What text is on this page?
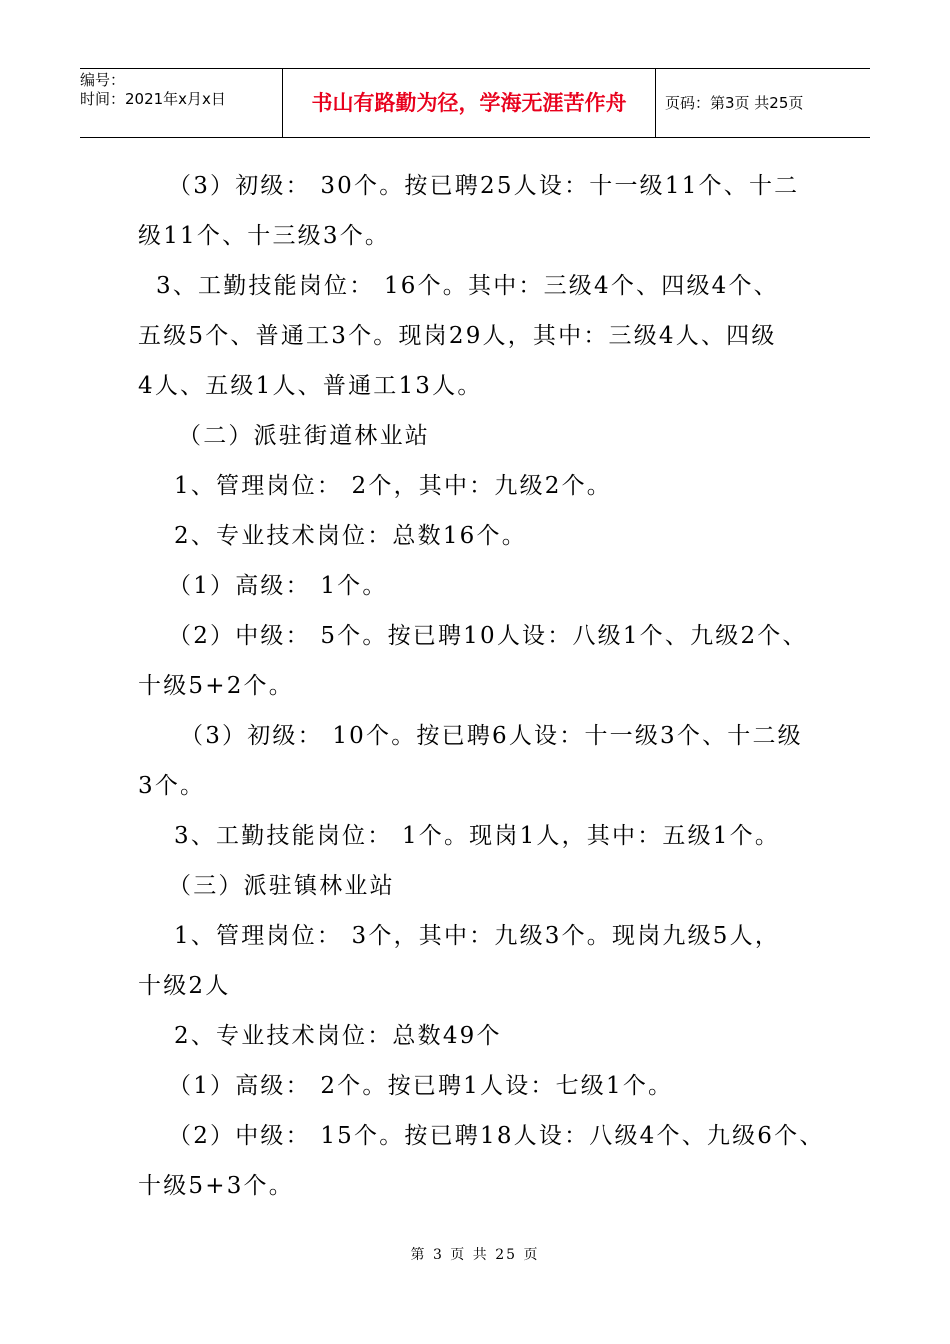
编号：
时间：2021年x月x日	书山有路勤为径，学海无涯苦作舟	页码：第3页 共25页
（3）初级： 30个。按已聘25人设：十一级11个、十二
级11个、十三级3个。
3、工勤技能岗位： 16个。其中：三级4个、四级4个、
五级5个、普通工3个。现岗29人，其中：三级4人、四级
4人、五级1人、普通工13人。
（二）派驻街道林业站
1、管理岗位： 2个，其中：九级2个。
2、专业技术岗位：总数16个。
（1）高级： 1个。
（2）中级： 5个。按已聘10人设：八级1个、九级2个、
十级5+2个。
（3）初级： 10个。按已聘6人设：十一级3个、十二级
3个。
3、工勤技能岗位： 1个。现岗1人，其中：五级1个。
（三）派驻镇林业站
1、管理岗位： 3个，其中：九级3个。现岗九级5人，
十级2人
2、专业技术岗位：总数49个
（1）高级： 2个。按已聘1人设：七级1个。
（2）中级： 15个。按已聘18人设：八级4个、九级6个、
十级5+3个。
第 3 页 共 25 页
